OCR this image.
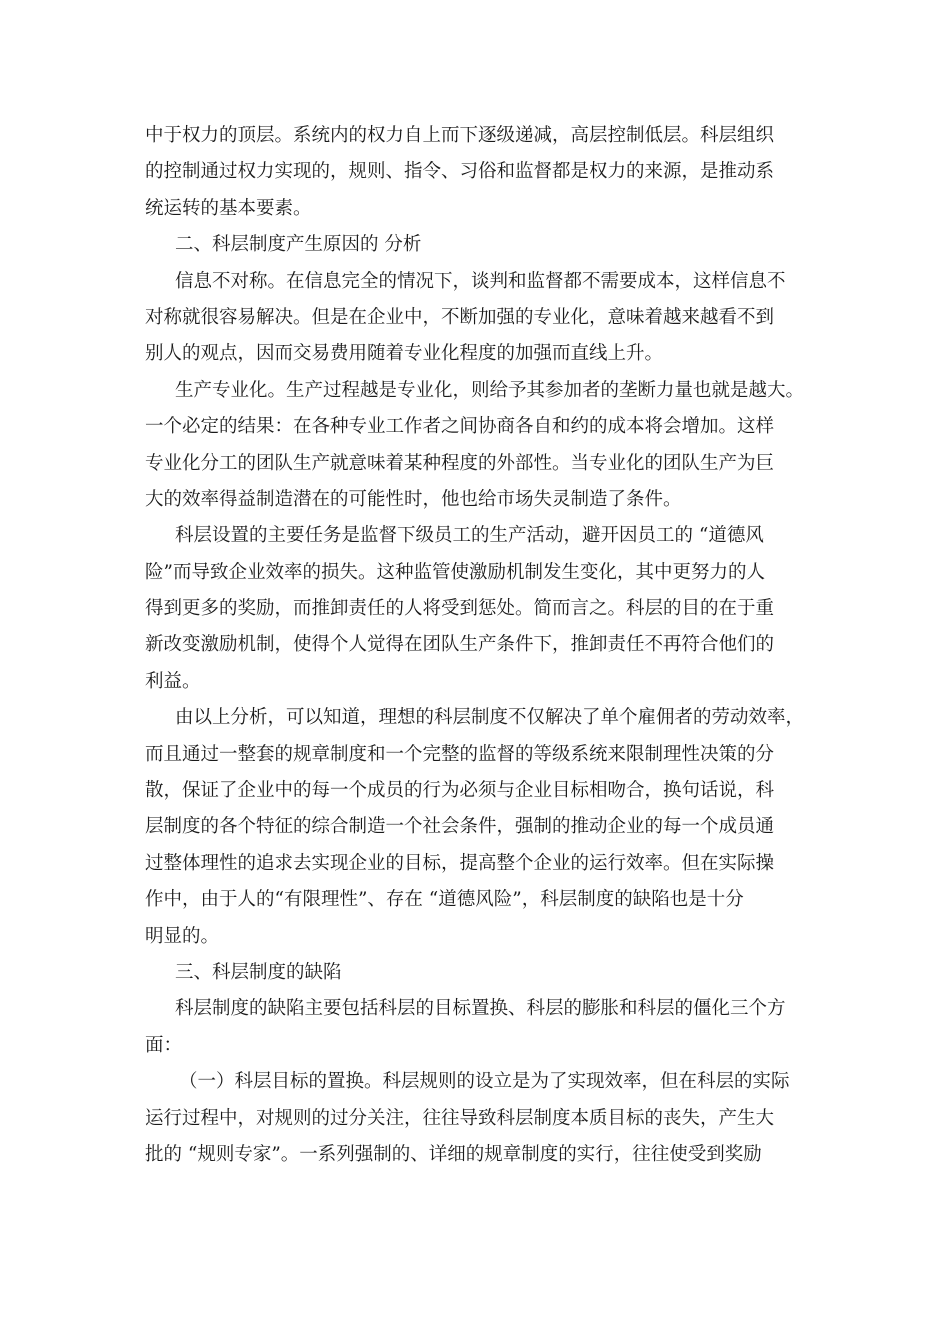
中于权力的顶层。系统内的权力自上而下逐级递减，高层控制低层。科层组织
的控制通过权力实现的，规则、指令、习俗和监督都是权力的来源，是推动系
统运转的基本要素。
二、科层制度产生原因的 分析
信息不对称。在信息完全的情况下，谈判和监督都不需要成本，这样信息不
对称就很容易解决。但是在企业中，不断加强的专业化，意味着越来越看不到
别人的观点，因而交易费用随着专业化程度的加强而直线上升。
生产专业化。生产过程越是专业化，则给予其参加者的垄断力量也就是越大。
一个必定的结果：在各种专业工作者之间协商各自和约的成本将会增加。这样
专业化分工的团队生产就意味着某种程度的外部性。当专业化的团队生产为巨
大的效率得益制造潜在的可能性时，他也给市场失灵制造了条件。
科层设置的主要任务是监督下级员工的生产活动，避开因员工的 “道德风
险”而导致企业效率的损失。这种监管使激励机制发生变化，其中更努力的人
得到更多的奖励，而推卸责任的人将受到惩处。简而言之。科层的目的在于重
新改变激励机制，使得个人觉得在团队生产条件下，推卸责任不再符合他们的
利益。
由以上分析，可以知道，理想的科层制度不仅解决了单个雇佣者的劳动效率，
而且通过一整套的规章制度和一个完整的监督的等级系统来限制理性决策的分
散，保证了企业中的每一个成员的行为必须与企业目标相吻合，换句话说，科
层制度的各个特征的综合制造一个社会条件，强制的推动企业的每一个成员通
过整体理性的追求去实现企业的目标，提高整个企业的运行效率。但在实际操
作中，由于人的“有限理性”、存在 “道德风险”，科层制度的缺陷也是十分
明显的。
三、科层制度的缺陷
科层制度的缺陷主要包括科层的目标置换、科层的膨胀和科层的僵化三个方
面：
（一）科层目标的置换。科层规则的设立是为了实现效率，但在科层的实际
运行过程中，对规则的过分关注，往往导致科层制度本质目标的丧失，产生大
批的 “规则专家”。一系列强制的、详细的规章制度的实行，往往使受到奖励
